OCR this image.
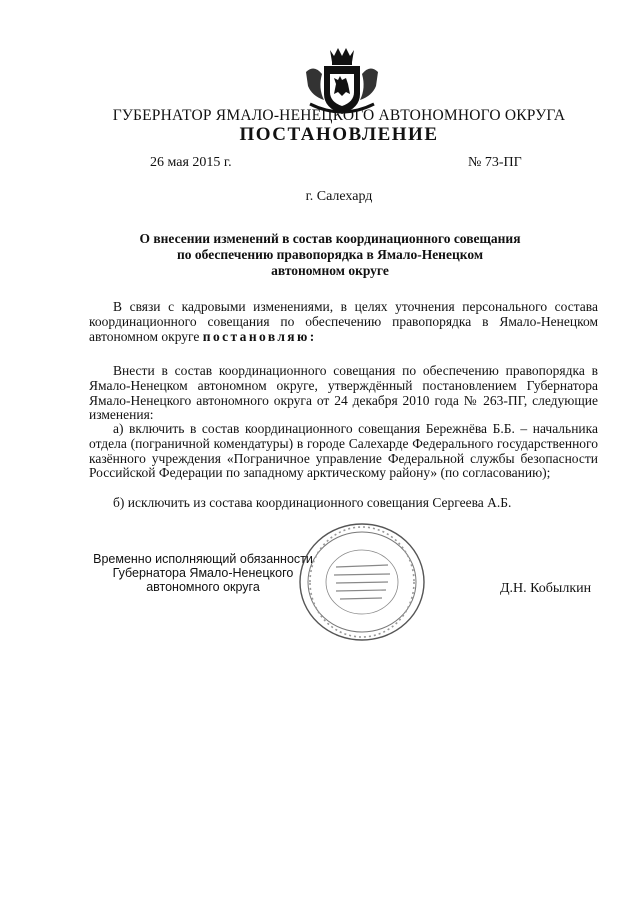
ГУБЕРНАТОР ЯМАЛО-НЕНЕЦКОГО АВТОНОМНОГО ОКРУГА
ПОСТАНОВЛЕНИЕ
26 мая 2015 г.	№ 73-ПГ
г. Салехард
О внесении изменений в состав координационного совещания
по обеспечению правопорядка в Ямало-Ненецком
автономном округе

В связи с кадровыми изменениями, в целях уточнения персонального состава координационного совещания по обеспечению правопорядка в Ямало-Ненецком автономном округе постановляю:

Внести в состав координационного совещания по обеспечению правопорядка в Ямало-Ненецком автономном округе, утверждённый постановлением Губернатора Ямало-Ненецкого автономного округа от 24 декабря 2010 года № 263-ПГ, следующие изменения:

а) включить в состав координационного совещания Бережнёва Б.Б. – начальника отдела (пограничной комендатуры) в городе Салехарде Федерального государственного казённого учреждения «Пограничное управление Федеральной службы безопасности Российской Федерации по западному арктическому району» (по согласованию);

б) исключить из состава координационного совещания Сергеева А.Б.

Временно исполняющий обязанности
Губернатора Ямало-Ненецкого
автономного округа	Д.Н. Кобылкин
